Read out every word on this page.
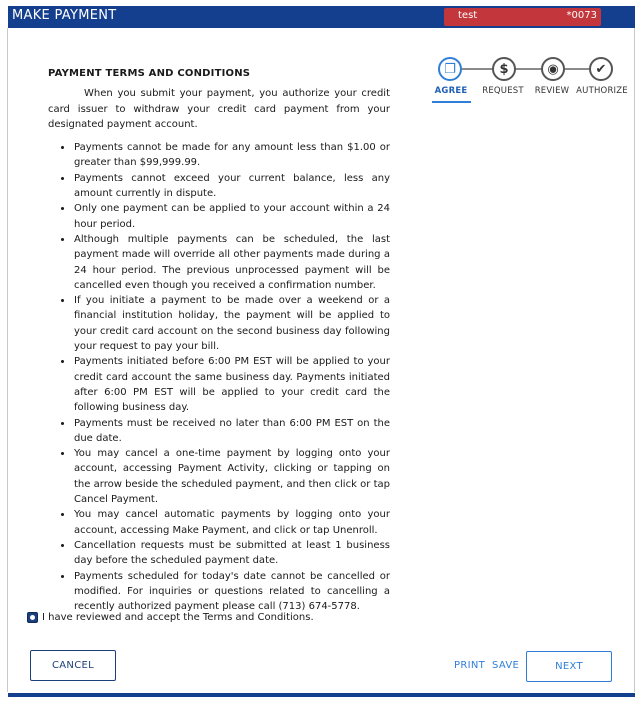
MAKE PAYMENT	test	*0073
PAYMENT TERMS AND CONDITIONS
When you submit your payment, you authorize your credit card issuer to withdraw your credit card payment from your designated payment account.
Payments cannot be made for any amount less than $1.00 or greater than $99,999.99.
Payments cannot exceed your current balance, less any amount currently in dispute.
Only one payment can be applied to your account within a 24 hour period.
Although multiple payments can be scheduled, the last payment made will override all other payments made during a 24 hour period. The previous unprocessed payment will be cancelled even though you received a confirmation number.
If you initiate a payment to be made over a weekend or a financial institution holiday, the payment will be applied to your credit card account on the second business day following your request to pay your bill.
Payments initiated before 6:00 PM EST will be applied to your credit card account the same business day. Payments initiated after 6:00 PM EST will be applied to your credit card the following business day.
Payments must be received no later than 6:00 PM EST on the due date.
You may cancel a one-time payment by logging onto your account, accessing Payment Activity, clicking or tapping on the arrow beside the scheduled payment, and then click or tap Cancel Payment.
You may cancel automatic payments by logging onto your account, accessing Make Payment, and click or tap Unenroll.
Cancellation requests must be submitted at least 1 business day before the scheduled payment date.
Payments scheduled for today's date cannot be cancelled or modified. For inquiries or questions related to cancelling a recently authorized payment please call (713) 674-5778.
❐	$	◉	✔
AGREE	REQUEST	REVIEW AUTHORIZE
I have reviewed and accept the Terms and Conditions.
CANCEL	PRINT SAVE	NEXT
